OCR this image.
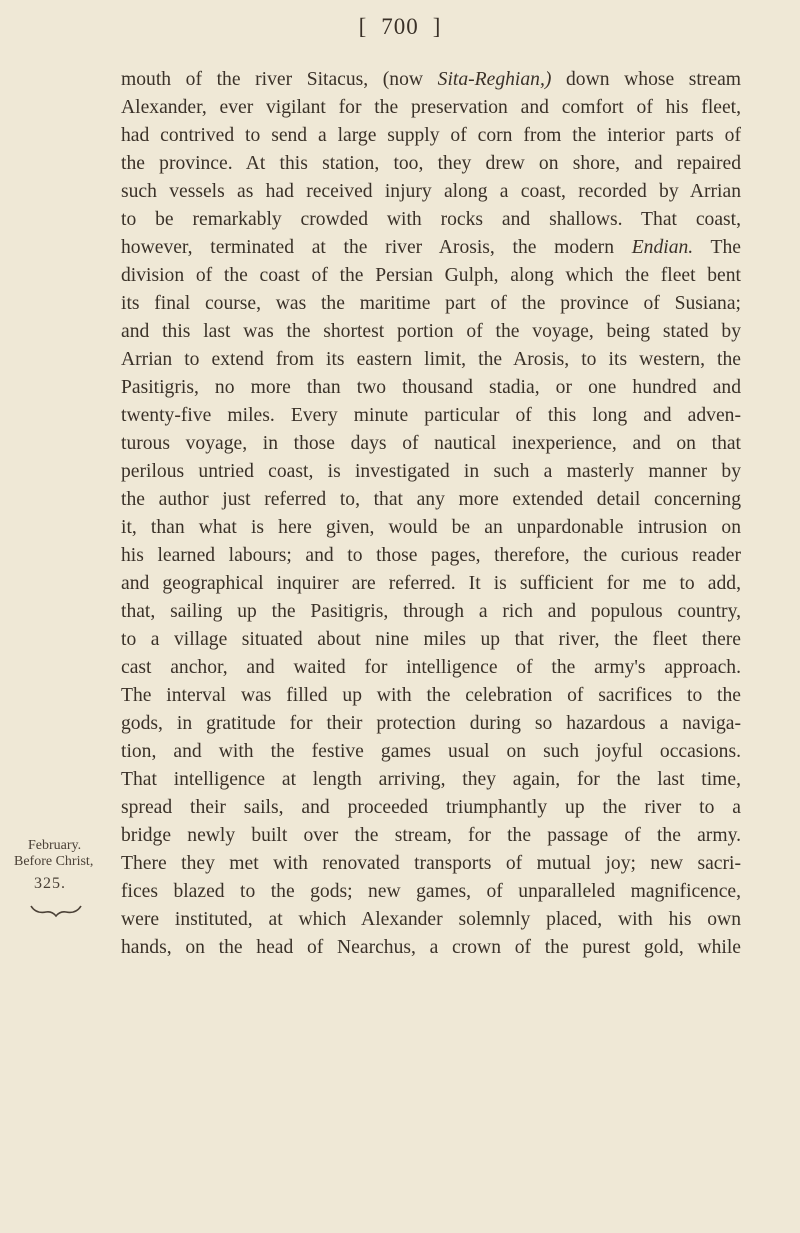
[ 700 ]
mouth of the river Sitacus, (now Sita-Reghian,) down whose stream
Alexander, ever vigilant for the preservation and comfort of his fleet,
had contrived to send a large supply of corn from the interior parts of
the province. At this station, too, they drew on shore, and repaired
such vessels as had received injury along a coast, recorded by Arrian
to be remarkably crowded with rocks and shallows. That coast,
however, terminated at the river Arosis, the modern Endian. The
division of the coast of the Persian Gulph, along which the fleet bent
its final course, was the maritime part of the province of Susiana;
and this last was the shortest portion of the voyage, being stated by
Arrian to extend from its eastern limit, the Arosis, to its western, the
Pasitigris, no more than two thousand stadia, or one hundred and
twenty-five miles. Every minute particular of this long and adven-
turous voyage, in those days of nautical inexperience, and on that
perilous untried coast, is investigated in such a masterly manner by
the author just referred to, that any more extended detail concerning
it, than what is here given, would be an unpardonable intrusion on
his learned labours; and to those pages, therefore, the curious reader
and geographical inquirer are referred. It is sufficient for me to add,
that, sailing up the Pasitigris, through a rich and populous country,
to a village situated about nine miles up that river, the fleet there
cast anchor, and waited for intelligence of the army's approach.
The interval was filled up with the celebration of sacrifices to the
gods, in gratitude for their protection during so hazardous a naviga-
tion, and with the festive games usual on such joyful occasions.
That intelligence at length arriving, they again, for the last time,
spread their sails, and proceeded triumphantly up the river to a
bridge newly built over the stream, for the passage of the army.
There they met with renovated transports of mutual joy; new sacri-
fices blazed to the gods; new games, of unparalleled magnificence,
were instituted, at which Alexander solemnly placed, with his own
hands, on the head of Nearchus, a crown of the purest gold, while
February.
Before Christ,
325.
